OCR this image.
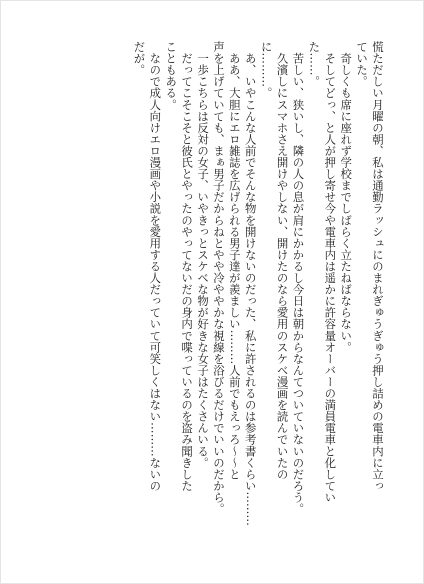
慌ただしい月曜の朝、私は通勤ラッシュにのまれぎゅうぎゅう押し詰めの電車内に立っ
ていた。
　奇しくも席に座れず学校までしばらく立たねばならない。
　そしてどっ、と人が押し寄せ今や電車内は遥かに許容量オーバーの満員電車と化してい
た……。
　苦しい、狭いし、隣の人の息が肩にかかるし今日は朝からなんてついていないのだろう。
　久濱しにスマホさえ開けやしない、開けたのなら愛用のスケベ漫画を読んでいたの
に………。
　あ、いやこんな人前でそんな物を開けないのだった、私に許されるのは参考書くらい………
　ああ、大胆にエロ雑誌を広げられる男子達が羨ましい………人前でもえっろ〜〜と
声を上げていても、まぁ男子だからねとやや冷ややかな視線を浴びるだけでいいのだから。
　一歩こちらは反対の女子、いやきっとスケベな物が好きな女子はたくさんいる。
　だってこそこそと彼氏とやったのやってないだの身内で喋っているのを盗み聞きした
こともある。
　なので成人向けエロ漫画や小説を愛用する人だっていて可笑しくはない………ないの
だが。
